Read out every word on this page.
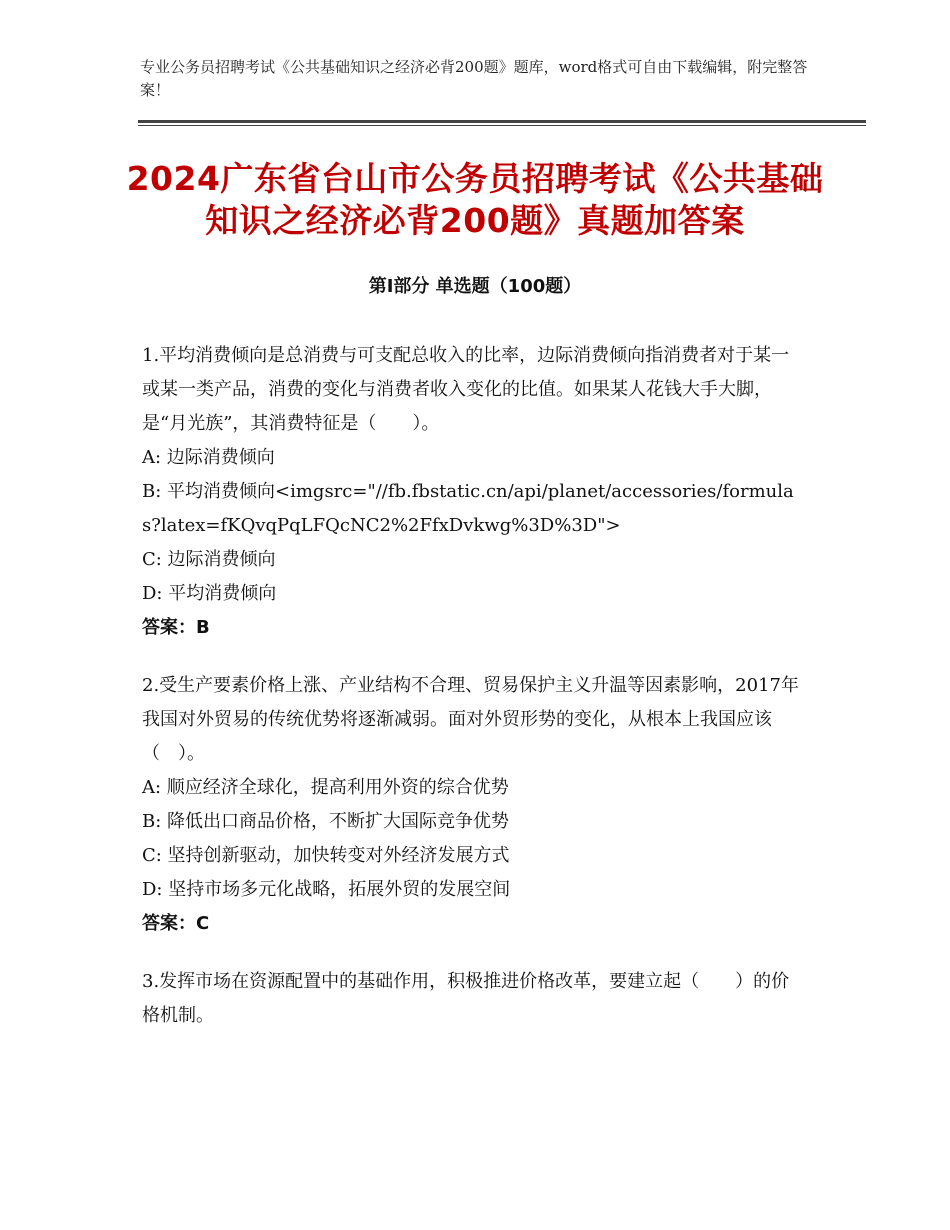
专业公务员招聘考试《公共基础知识之经济必背200题》题库，word格式可自由下载编辑，附完整答案！
2024广东省台山市公务员招聘考试《公共基础知识之经济必背200题》真题加答案
第Ⅰ部分 单选题（100题）
1.平均消费倾向是总消费与可支配总收入的比率，边际消费倾向指消费者对于某一或某一类产品，消费的变化与消费者收入变化的比值。如果某人花钱大手大脚，是“月光族”，其消费特征是（　　）。
A: 边际消费倾向
B: 平均消费倾向<imgsrc="//fb.fbstatic.cn/api/planet/accessories/formulas?latex=fKQvqPqLFQcNC2%2FfxDvkwg%3D%3D">
C: 边际消费倾向
D: 平均消费倾向
答案：B
2.受生产要素价格上涨、产业结构不合理、贸易保护主义升温等因素影响，2017年我国对外贸易的传统优势将逐渐减弱。面对外贸形势的变化，从根本上我国应该（　）。
A: 顺应经济全球化，提高利用外资的综合优势
B: 降低出口商品价格，不断扩大国际竞争优势
C: 坚持创新驱动，加快转变对外经济发展方式
D: 坚持市场多元化战略，拓展外贸的发展空间
答案：C
3.发挥市场在资源配置中的基础作用，积极推进价格改革，要建立起（　　）的价格机制。
